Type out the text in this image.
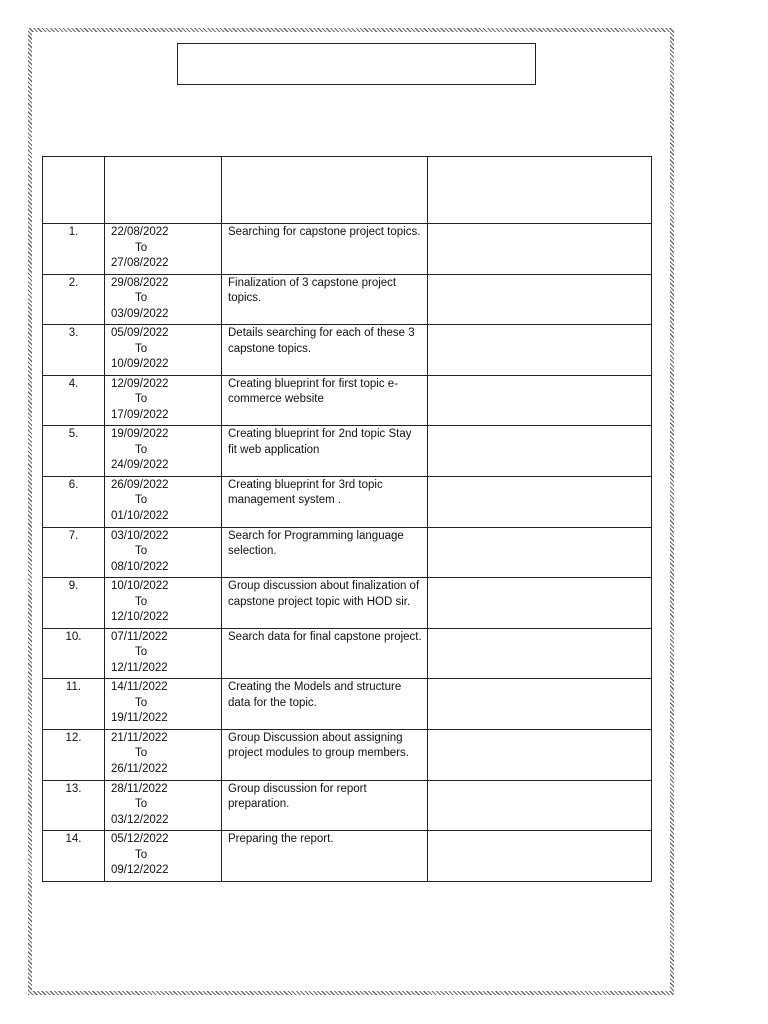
1.	22/08/2022
To
27/08/2022	Searching for capstone project topics.	
2.	29/08/2022
To
03/09/2022	Finalization of 3 capstone project topics.	
3.	05/09/2022
To
10/09/2022	Details searching for each of these 3 capstone topics.	
4.	12/09/2022
To
17/09/2022	Creating blueprint for first topic e-commerce website	
5.	19/09/2022
To
24/09/2022	Creating blueprint for 2nd topic Stay fit web application	
6.	26/09/2022
To
01/10/2022	Creating blueprint for 3rd topic management system .	
7.	03/10/2022
To
08/10/2022	Search for Programming language selection.	
9.	10/10/2022
To
12/10/2022	Group discussion about finalization of capstone project topic with HOD sir.	
10.	07/11/2022
To
12/11/2022	Search data for final capstone project.	
11.	14/11/2022
To
19/11/2022	Creating the Models and structure data for the topic.	
12.	21/11/2022
To
26/11/2022	Group Discussion about assigning project modules to group members.	
13.	28/11/2022
To
03/12/2022	Group discussion for report preparation.	
14.	05/12/2022
To
09/12/2022	Preparing the report.	
